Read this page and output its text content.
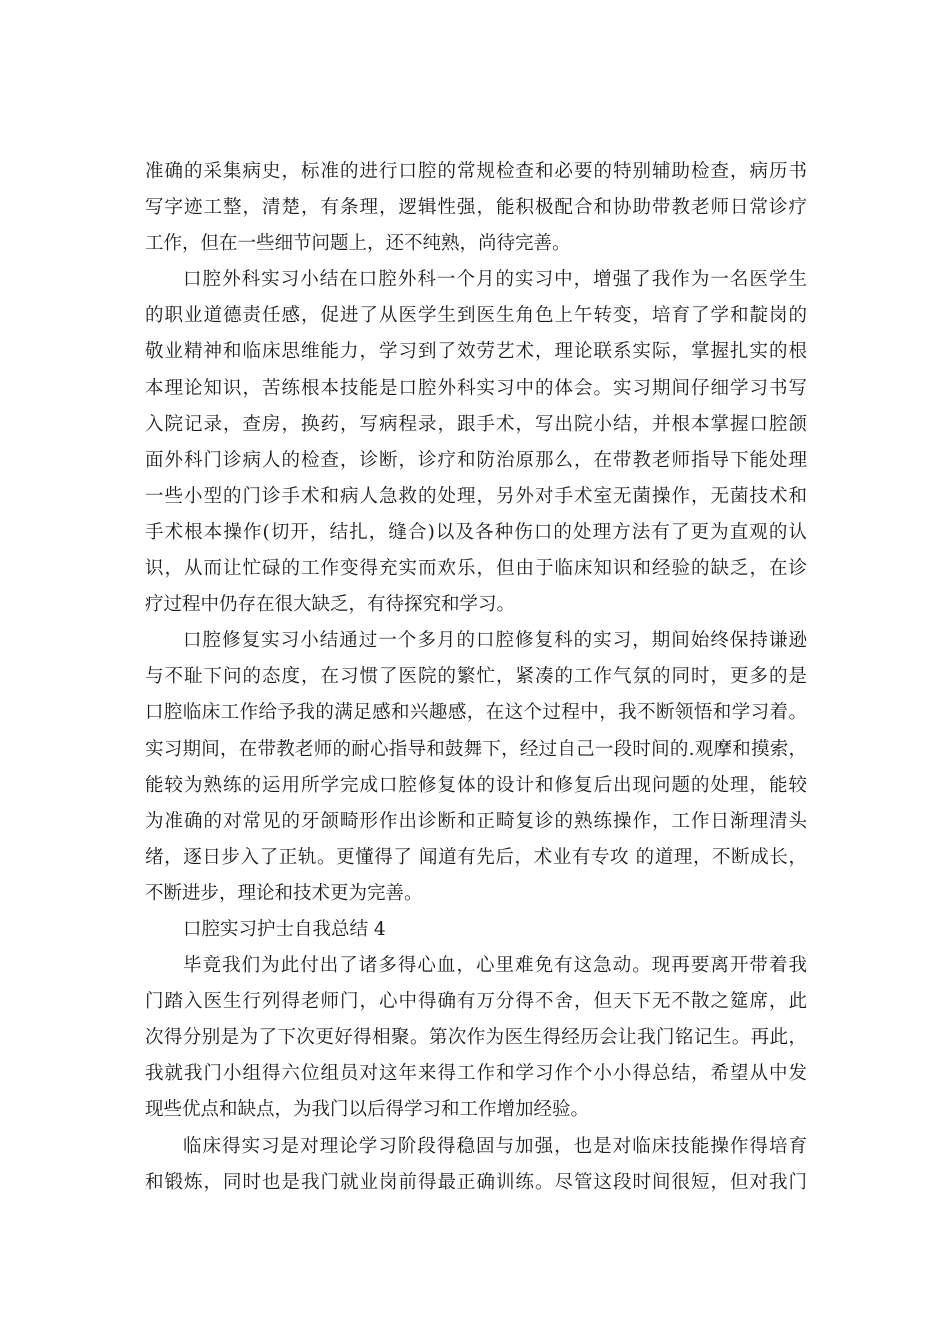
准确的采集病史，标准的进行口腔的常规检查和必要的特别辅助检查，病历书
写字迹工整，清楚，有条理，逻辑性强，能积极配合和协助带教老师日常诊疗
工作，但在一些细节问题上，还不纯熟，尚待完善。
口腔外科实习小结在口腔外科一个月的实习中，增强了我作为一名医学生
的职业道德责任感，促进了从医学生到医生角色上午转变，培育了学和靛岗的
敬业精神和临床思维能力，学习到了效劳艺术，理论联系实际，掌握扎实的根
本理论知识，苦练根本技能是口腔外科实习中的体会。实习期间仔细学习书写
入院记录，查房，换药，写病程录，跟手术，写出院小结，并根本掌握口腔颌
面外科门诊病人的检查，诊断，诊疗和防治原那么，在带教老师指导下能处理
一些小型的门诊手术和病人急救的处理，另外对手术室无菌操作，无菌技术和
手术根本操作(切开，结扎，缝合)以及各种伤口的处理方法有了更为直观的认
识，从而让忙碌的工作变得充实而欢乐，但由于临床知识和经验的缺乏，在诊
疗过程中仍存在很大缺乏，有待探究和学习。
口腔修复实习小结通过一个多月的口腔修复科的实习，期间始终保持谦逊
与不耻下问的态度，在习惯了医院的繁忙，紧凑的工作气氛的同时，更多的是
口腔临床工作给予我的满足感和兴趣感，在这个过程中，我不断领悟和学习着。
实习期间，在带教老师的耐心指导和鼓舞下，经过自己一段时间的.观摩和摸索，
能较为熟练的运用所学完成口腔修复体的设计和修复后出现问题的处理，能较
为准确的对常见的牙颌畸形作出诊断和正畸复诊的熟练操作，工作日渐理清头
绪，逐日步入了正轨。更懂得了 闻道有先后，术业有专攻 的道理，不断成长，
不断进步，理论和技术更为完善。
口腔实习护士自我总结 4
毕竟我们为此付出了诸多得心血，心里难免有这急动。现再要离开带着我
门踏入医生行列得老师门，心中得确有万分得不舍，但天下无不散之筵席，此
次得分别是为了下次更好得相聚。第次作为医生得经历会让我门铭记生。再此，
我就我门小组得六位组员对这年来得工作和学习作个小小得总结，希望从中发
现些优点和缺点，为我门以后得学习和工作增加经验。
临床得实习是对理论学习阶段得稳固与加强，也是对临床技能操作得培育
和锻炼，同时也是我门就业岗前得最正确训练。尽管这段时间很短，但对我门
